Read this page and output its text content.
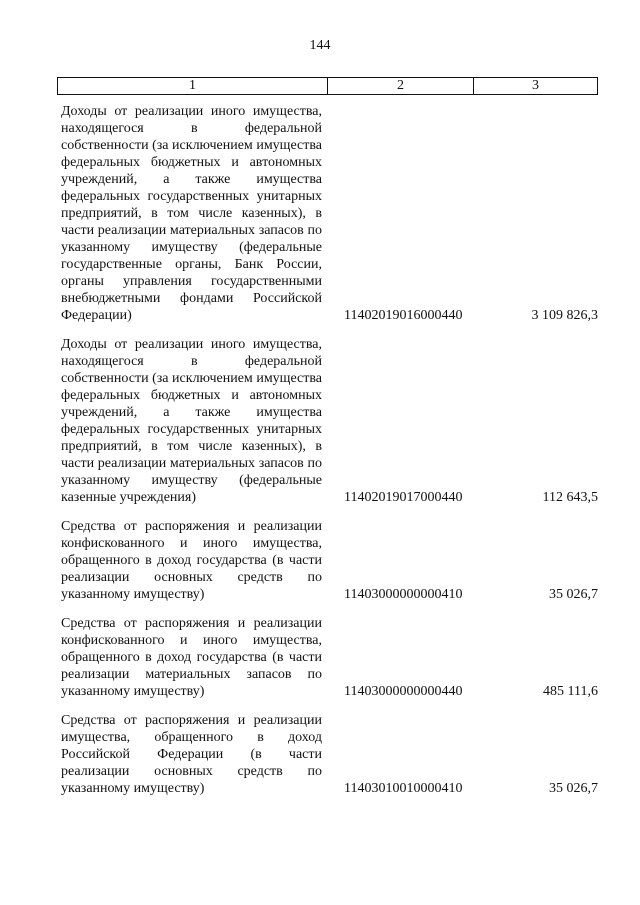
144
1	2	3
Доходы от реализации иного имущества, находящегося в федеральной собственности (за исключением имущества федеральных бюджетных и автономных учреждений, а также имущества федеральных государственных унитарных предприятий, в том числе казенных), в части реализации материальных запасов по указанному имуществу (федеральные государственные органы, Банк России, органы управления государственными внебюджетными фондами Российской Федерации)	11402019016000440	3 109 826,3
Доходы от реализации иного имущества, находящегося в федеральной собственности (за исключением имущества федеральных бюджетных и автономных учреждений, а также имущества федеральных государственных унитарных предприятий, в том числе казенных), в части реализации материальных запасов по указанному имуществу (федеральные казенные учреждения)	11402019017000440	112 643,5
Средства от распоряжения и реализации конфискованного и иного имущества, обращенного в доход государства (в части реализации основных средств по указанному имуществу)	11403000000000410	35 026,7
Средства от распоряжения и реализации конфискованного и иного имущества, обращенного в доход государства (в части реализации материальных запасов по указанному имуществу)	11403000000000440	485 111,6
Средства от распоряжения и реализации имущества, обращенного в доход Российской Федерации (в части реализации основных средств по указанному имуществу)	11403010010000410	35 026,7
